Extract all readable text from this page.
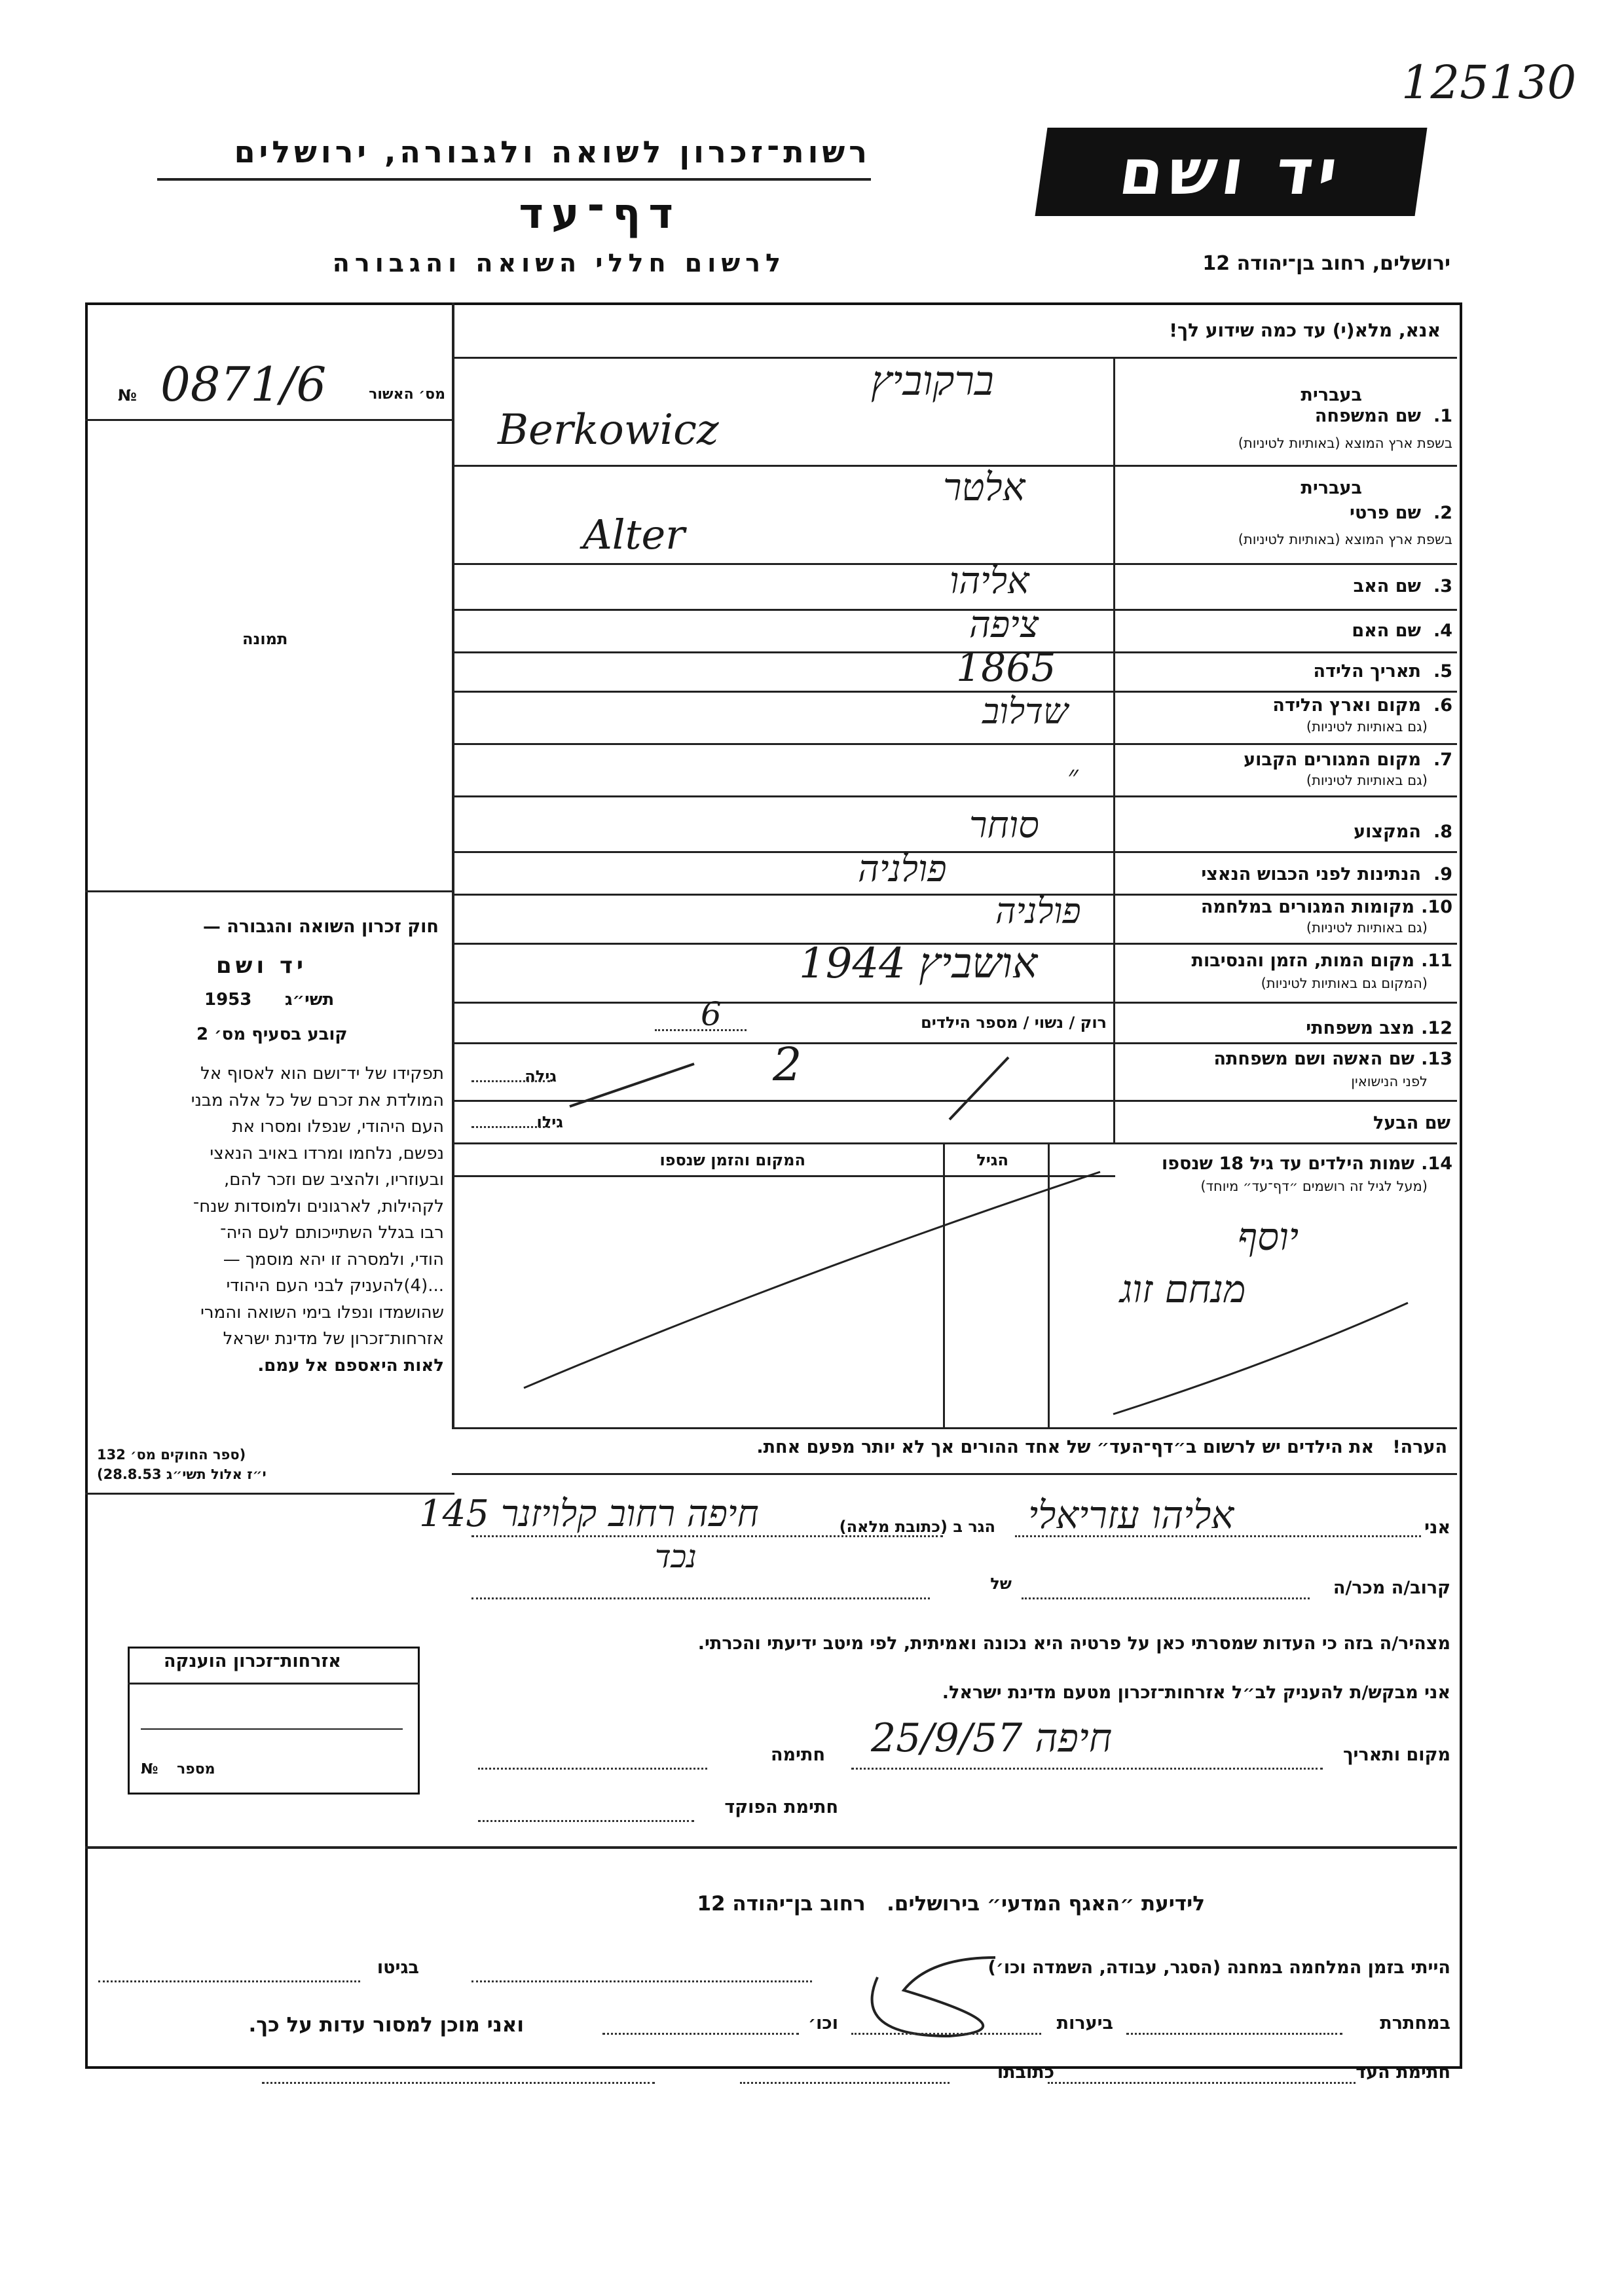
125130
רשות־זכרון לשואה ולגבורה, ירושלים
דף־עד
לרשום חללי השואה והגבורה
יד ושם
ירושלים, רחוב בן־יהודה 12
אנא, מלא(י) עד כמה שידוע לך!
מס׳ האשור
№ 0871/6
תמונה
חוק זכרון השואה והגבורה —
יד ושם
תשי״ג
1953
קובע בסעיף מס׳ 2
תפקידו של יד־ושם הוא לאסוף אל
המולדת את זכרם של כל אלה מבני
העם היהודי, שנפלו ומסרו את
נפשם, נלחמו ומרדו באויב הנאצי
ובעוזריו, ולהציב שם וזכר להם,
לקהילות, לארגונים ולמוסדות שנח־
רבו בגלל השתייכותם לעם היה־
הודי, ולמסרה זו יהא מוסמך —
...(4)להעניק לבני העם היהודי
שהושמדו ונפלו בימי השואה והמרי
אזרחות־זכרון של מדינת ישראל
לאות היאספם אל עמם.
(ספר החוקים מס׳ 132
י״ז אלול תשי״ג 28.8.53)
1.
שם המשפחה
בשפת ארץ המוצא (באותיות לטיניות)
בעברית
ברקוביץ
Berkowicz
2.
שם פרטי
בשפת ארץ המוצא (באותיות לטיניות)
בעברית
אלטר
Alter
3.
שם האב
אליהו
4.
שם האם
ציפה
5.
תאריך הלידה
1865
6.
מקום וארץ הלידה
(גם באותיות לטיניות)
שדלוב
7.
מקום המגורים הקבוע
(גם באותיות לטיניות)
״
8.
המקצוע
סוחר
9.
הנתינות לפני הכבוש הנאצי
פולניה
10.
מקומות המגורים במלחמה
(גם באותיות לטיניות)
פולניה
11.
מקום המות, הזמן והנסיבות
(המקום גם באותיות לטיניות)
אושביץ 1944
12.
מצב משפחתי
רוק / נשוי / מספר הילדים
6
13.
שם האשה ושם משפחתה
לפני הנישואין
גילה	2
שם הבעל
גילו
14.
שמות הילדים עד גיל 18 שנספו
(מעל לגיל זה רושמים ״דף־עד״ מיוחד)
הגיל
המקום והזמן שנספו
יוסף
מנחם זוג
הערה!   את הילדים יש לרשום ב״דף־העד״ של אחד ההורים אך לא יותר מפעם אחת.
אני
אליהו עזריאלי
הגר ב (כתובת מלאה)
חיפה רחוב קלויזנר 145
קרוב/ה מכר/ה
של
נכד
מצהיר/ה בזה כי העדות שמסרתי כאן על פרטיה היא נכונה ואמיתית, לפי מיטב ידיעתי והכרתי.
אני מבקש/ת להעניק לב״ל אזרחות־זכרון מטעם מדינת ישראל.
מקום ותאריך
חיפה 25/9/57
חתימה
חתימת הפוקד
אזרחות־זכרון הוענקה
מספר
№
לידיעת ״האגף המדעי״ בירושלים.   רחוב בן־יהודה 12
הייתי בזמן המלחמה במחנה (הסגר, עבודה, השמדה וכו׳)
בגיטו
במחתרת
ביערות
וכו׳
ואני מוכן למסור עדות על כך.
חתימת העד
כתובתו
